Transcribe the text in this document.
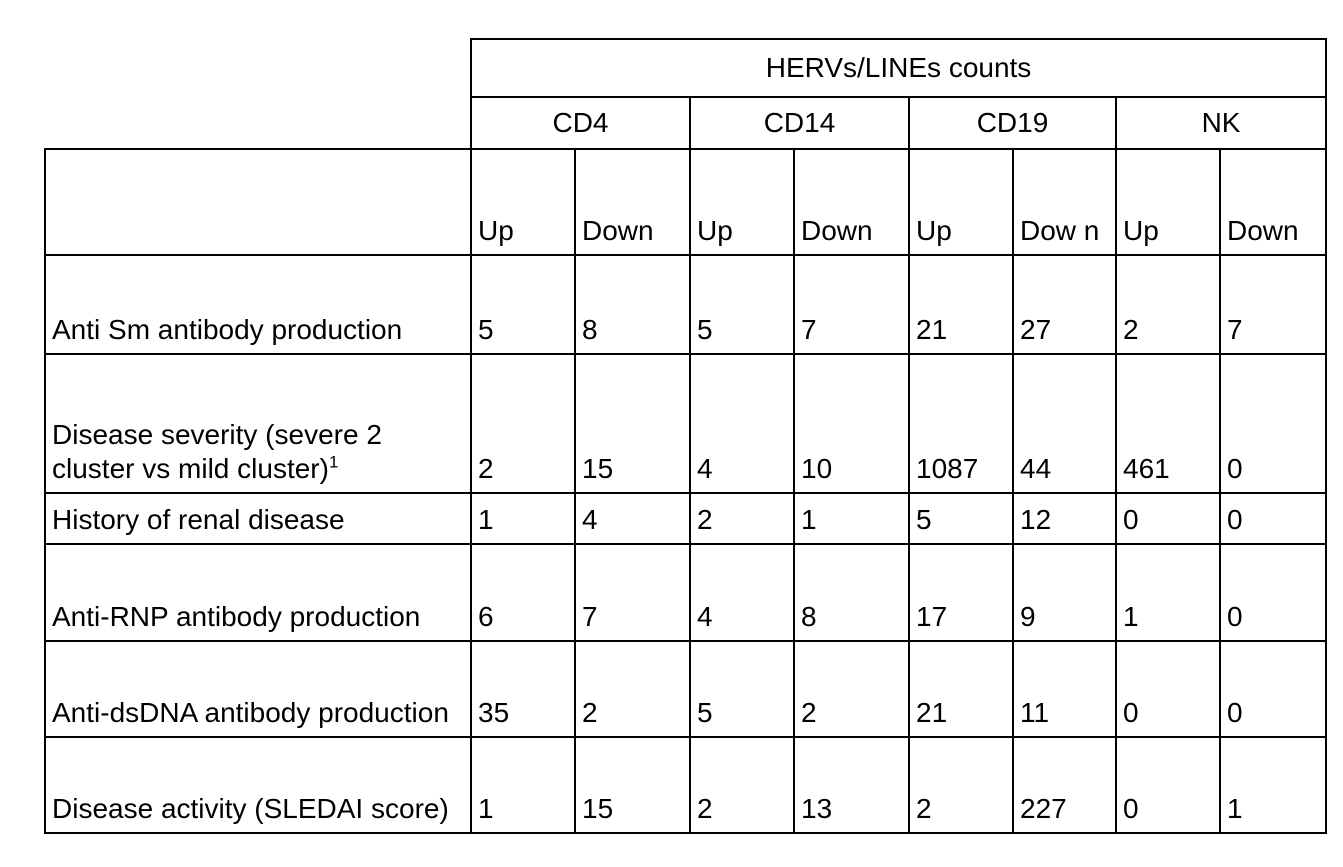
HERVs/LINEs counts
CD4	CD14	CD19	NK
	Up	Down	Up	Down	Up	Dow n	Up	Down
Anti Sm antibody production	5	8	5	7	21	27	2	7
Disease severity (severe 2 cluster vs mild cluster)$^1$	2	15	4	10	1087	44	461	0
History of renal disease	1	4	2	1	5	12	0	0
Anti-RNP antibody production	6	7	4	8	17	9	1	0
Anti-dsDNA antibody production	35	2	5	2	21	11	0	0
Disease activity (SLEDAI score)	1	15	2	13	2	227	0	1
